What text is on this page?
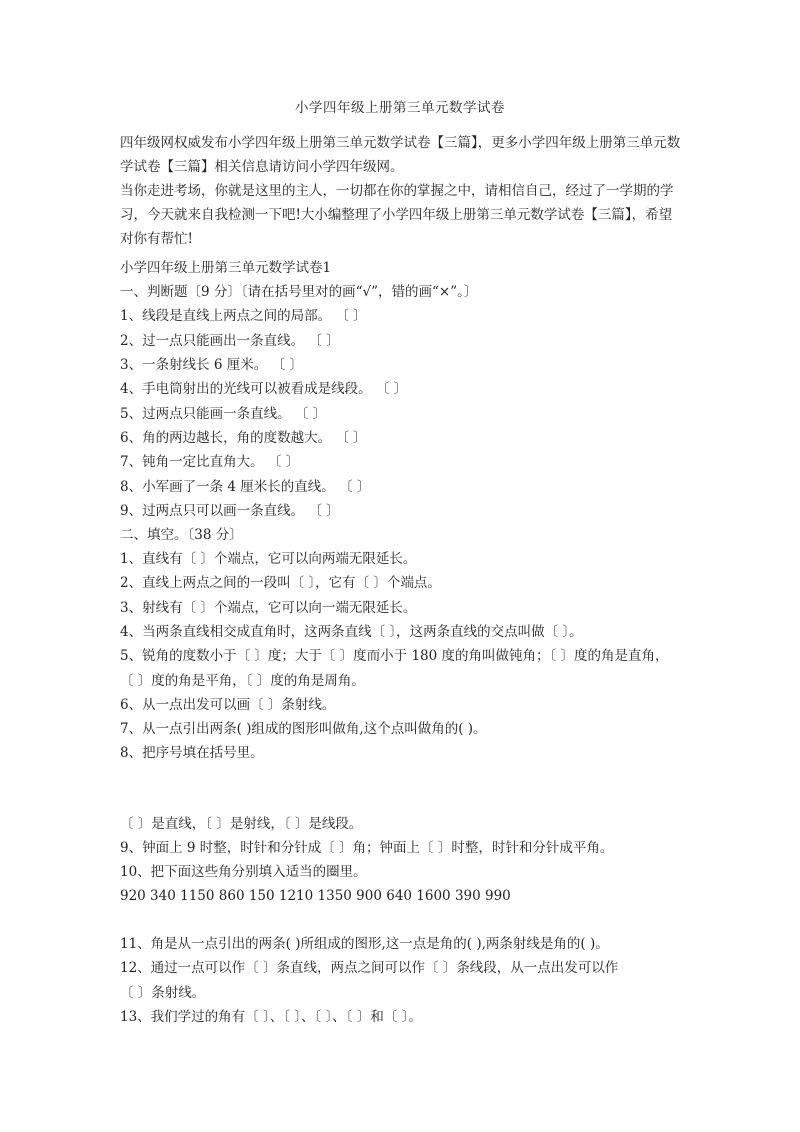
小学四年级上册第三单元数学试卷

四年级网权威发布小学四年级上册第三单元数学试卷【三篇】，更多小学四年级上册第三单元数学试卷【三篇】相关信息请访问小学四年级网。

当你走进考场，你就是这里的主人，一切都在你的掌握之中，请相信自己，经过了一学期的学习，今天就来自我检测一下吧!大小编整理了小学四年级上册第三单元数学试卷【三篇】，希望对你有帮忙!

小学四年级上册第三单元数学试卷1

一、判断题〔9 分〕〔请在括号里对的画“√”，错的画“×”。〕

1、线段是直线上两点之间的局部。 〔 〕

2、过一点只能画出一条直线。 〔 〕

3、一条射线长 6 厘米。 〔 〕

4、手电筒射出的光线可以被看成是线段。 〔 〕

5、过两点只能画一条直线。 〔 〕

6、角的两边越长，角的度数越大。 〔 〕

7、钝角一定比直角大。 〔 〕

8、小军画了一条 4 厘米长的直线。 〔 〕

9、过两点只可以画一条直线。 〔 〕

二、填空。〔38 分〕

1、直线有〔 〕个端点，它可以向两端无限延长。

2、直线上两点之间的一段叫〔 〕，它有〔 〕个端点。

3、射线有〔 〕个端点，它可以向一端无限延长。

4、当两条直线相交成直角时，这两条直线〔 〕，这两条直线的交点叫做〔 〕。

5、锐角的度数小于〔 〕度；大于〔 〕度而小于 180 度的角叫做钝角；〔 〕度的角是直角，

〔 〕度的角是平角，〔 〕度的角是周角。

6、从一点出发可以画〔 〕条射线。

7、从一点引出两条( )组成的图形叫做角,这个点叫做角的( )。

8、把序号填在括号里。

〔 〕是直线，〔 〕是射线，〔 〕是线段。

9、钟面上 9 时整，时针和分针成〔 〕角；钟面上〔 〕时整，时针和分针成平角。

10、把下面这些角分别填入适当的圈里。

920 340 1150 860 150 1210 1350 900 640 1600 390 990

11、角是从一点引出的两条( )所组成的图形,这一点是角的( ),两条射线是角的( )。

12、通过一点可以作〔 〕条直线，两点之间可以作〔 〕条线段，从一点出发可以作

〔 〕条射线。

13、我们学过的角有〔 〕、〔 〕、〔 〕、〔 〕和〔 〕。
